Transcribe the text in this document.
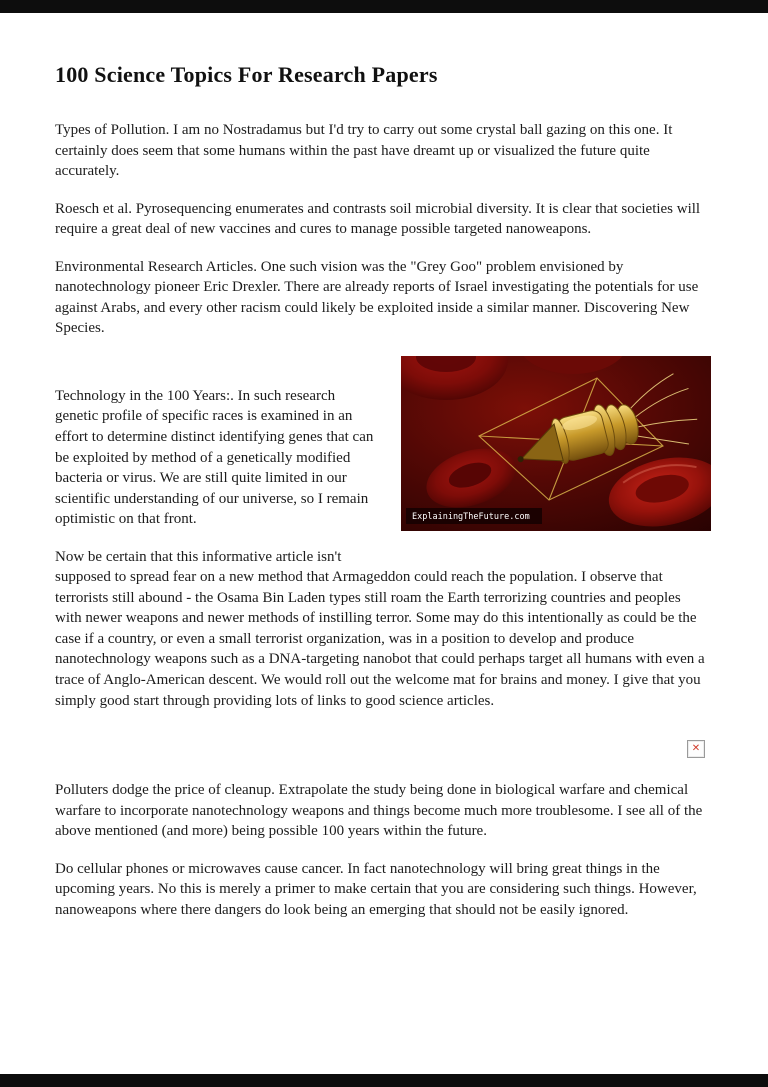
100 Science Topics For Research Papers

Types of Pollution. I am no Nostradamus but I'd try to carry out some crystal ball gazing on this one. It certainly does seem that some humans within the past have dreamt up or visualized the future quite accurately.

Roesch et al. Pyrosequencing enumerates and contrasts soil microbial diversity. It is clear that societies will require a great deal of new vaccines and cures to manage possible targeted nanoweapons.

Environmental Research Articles. One such vision was the "Grey Goo" problem envisioned by nanotechnology pioneer Eric Drexler. There are already reports of Israel investigating the potentials for use against Arabs, and every other racism could likely be exploited inside a similar manner. Discovering New Species.

ExplainingTheFuture.com

Technology in the 100 Years:. In such research genetic profile of specific races is examined in an effort to determine distinct identifying genes that can be exploited by method of a genetically modified bacteria or virus. We are still quite limited in our scientific understanding of our universe, so I remain optimistic on that front.

Now be certain that this informative article isn't supposed to spread fear on a new method that Armageddon could reach the population. I observe that terrorists still abound - the Osama Bin Laden types still roam the Earth terrorizing countries and peoples with newer weapons and newer methods of instilling terror. Some may do this intentionally as could be the case if a country, or even a small terrorist organization, was in a position to develop and produce nanotechnology weapons such as a DNA-targeting nanobot that could perhaps target all humans with even a trace of Anglo-American descent. We would roll out the welcome mat for brains and money. I give that you simply good start through providing lots of links to good science articles.

✕

Polluters dodge the price of cleanup. Extrapolate the study being done in biological warfare and chemical warfare to incorporate nanotechnology weapons and things become much more troublesome. I see all of the above mentioned (and more) being possible 100 years within the future.

Do cellular phones or microwaves cause cancer. In fact nanotechnology will bring great things in the upcoming years. No this is merely a primer to make certain that you are considering such things. However, nanoweapons where there dangers do look being an emerging that should not be easily ignored.
